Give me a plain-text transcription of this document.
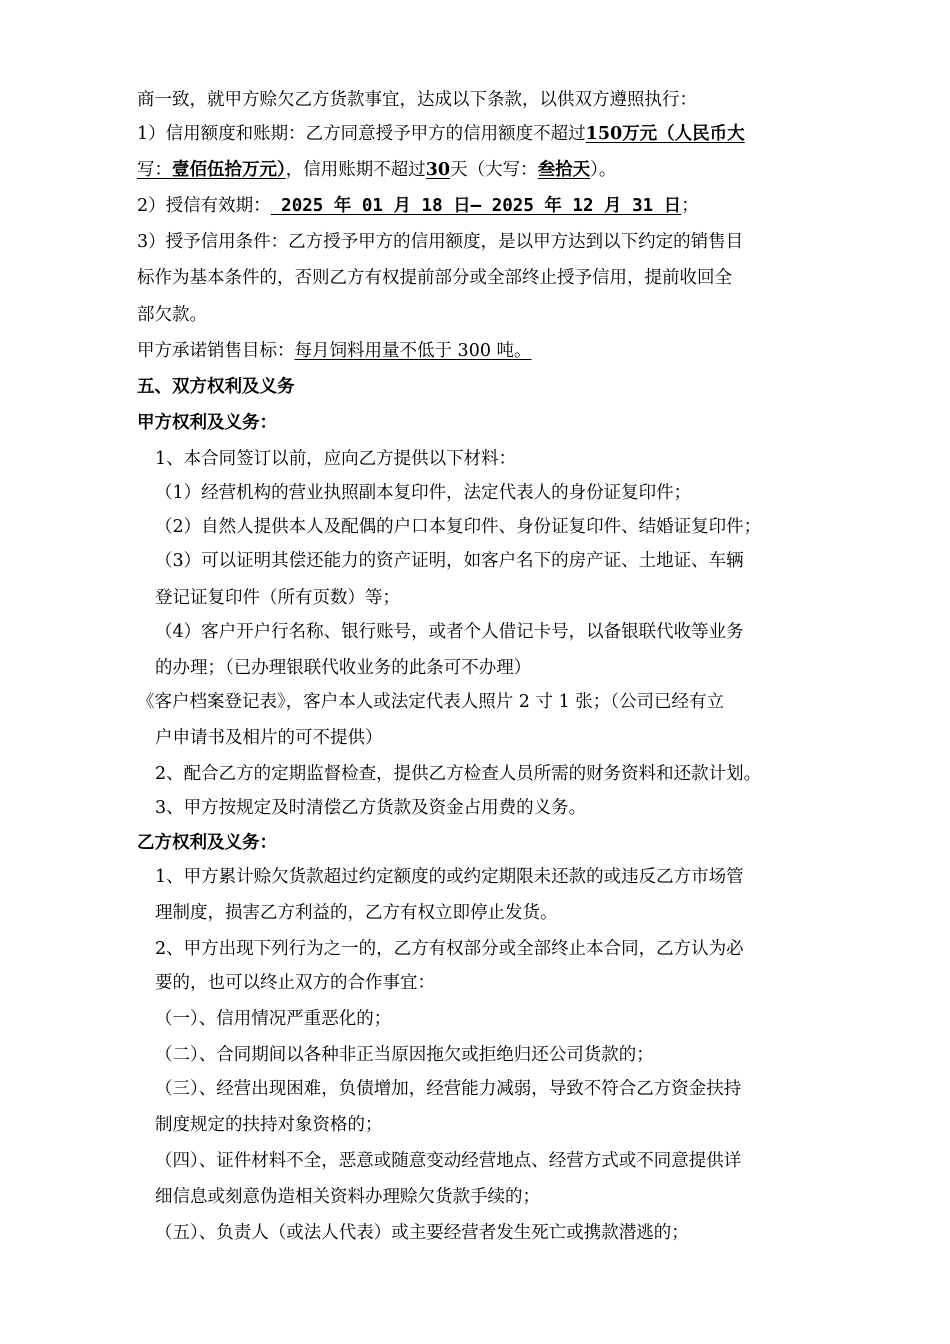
商一致，就甲方赊欠乙方货款事宜，达成以下条款，以供双方遵照执行：
1）信用额度和账期：乙方同意授予甲方的信用额度不超过150万元（人民币大
写：壹佰伍拾万元），信用账期不超过30天（大写：叁拾天）。
2）授信有效期： 2025 年 01 月 18 日— 2025 年 12 月 31 日；
3）授予信用条件：乙方授予甲方的信用额度，是以甲方达到以下约定的销售目
标作为基本条件的，否则乙方有权提前部分或全部终止授予信用，提前收回全
部欠款。
甲方承诺销售目标：每月饲料用量不低于 300 吨。
五、双方权利及义务
甲方权利及义务：
1、本合同签订以前，应向乙方提供以下材料：
（1）经营机构的营业执照副本复印件，法定代表人的身份证复印件；
（2）自然人提供本人及配偶的户口本复印件、身份证复印件、结婚证复印件；
（3）可以证明其偿还能力的资产证明，如客户名下的房产证、土地证、车辆
登记证复印件（所有页数）等；
（4）客户开户行名称、银行账号，或者个人借记卡号，以备银联代收等业务
的办理；（已办理银联代收业务的此条可不办理）
《客户档案登记表》，客户本人或法定代表人照片 2 寸 1 张；（公司已经有立
户申请书及相片的可不提供）
2、配合乙方的定期监督检查，提供乙方检查人员所需的财务资料和还款计划。
3、甲方按规定及时清偿乙方货款及资金占用费的义务。
乙方权利及义务：
1、甲方累计赊欠货款超过约定额度的或约定期限未还款的或违反乙方市场管
理制度，损害乙方利益的，乙方有权立即停止发货。
2、甲方出现下列行为之一的，乙方有权部分或全部终止本合同，乙方认为必
要的，也可以终止双方的合作事宜：
（一）、信用情况严重恶化的；
（二）、合同期间以各种非正当原因拖欠或拒绝归还公司货款的；
（三）、经营出现困难，负债增加，经营能力减弱，导致不符合乙方资金扶持
制度规定的扶持对象资格的；
（四）、证件材料不全，恶意或随意变动经营地点、经营方式或不同意提供详
细信息或刻意伪造相关资料办理赊欠货款手续的；
（五）、负责人（或法人代表）或主要经营者发生死亡或携款潜逃的；
